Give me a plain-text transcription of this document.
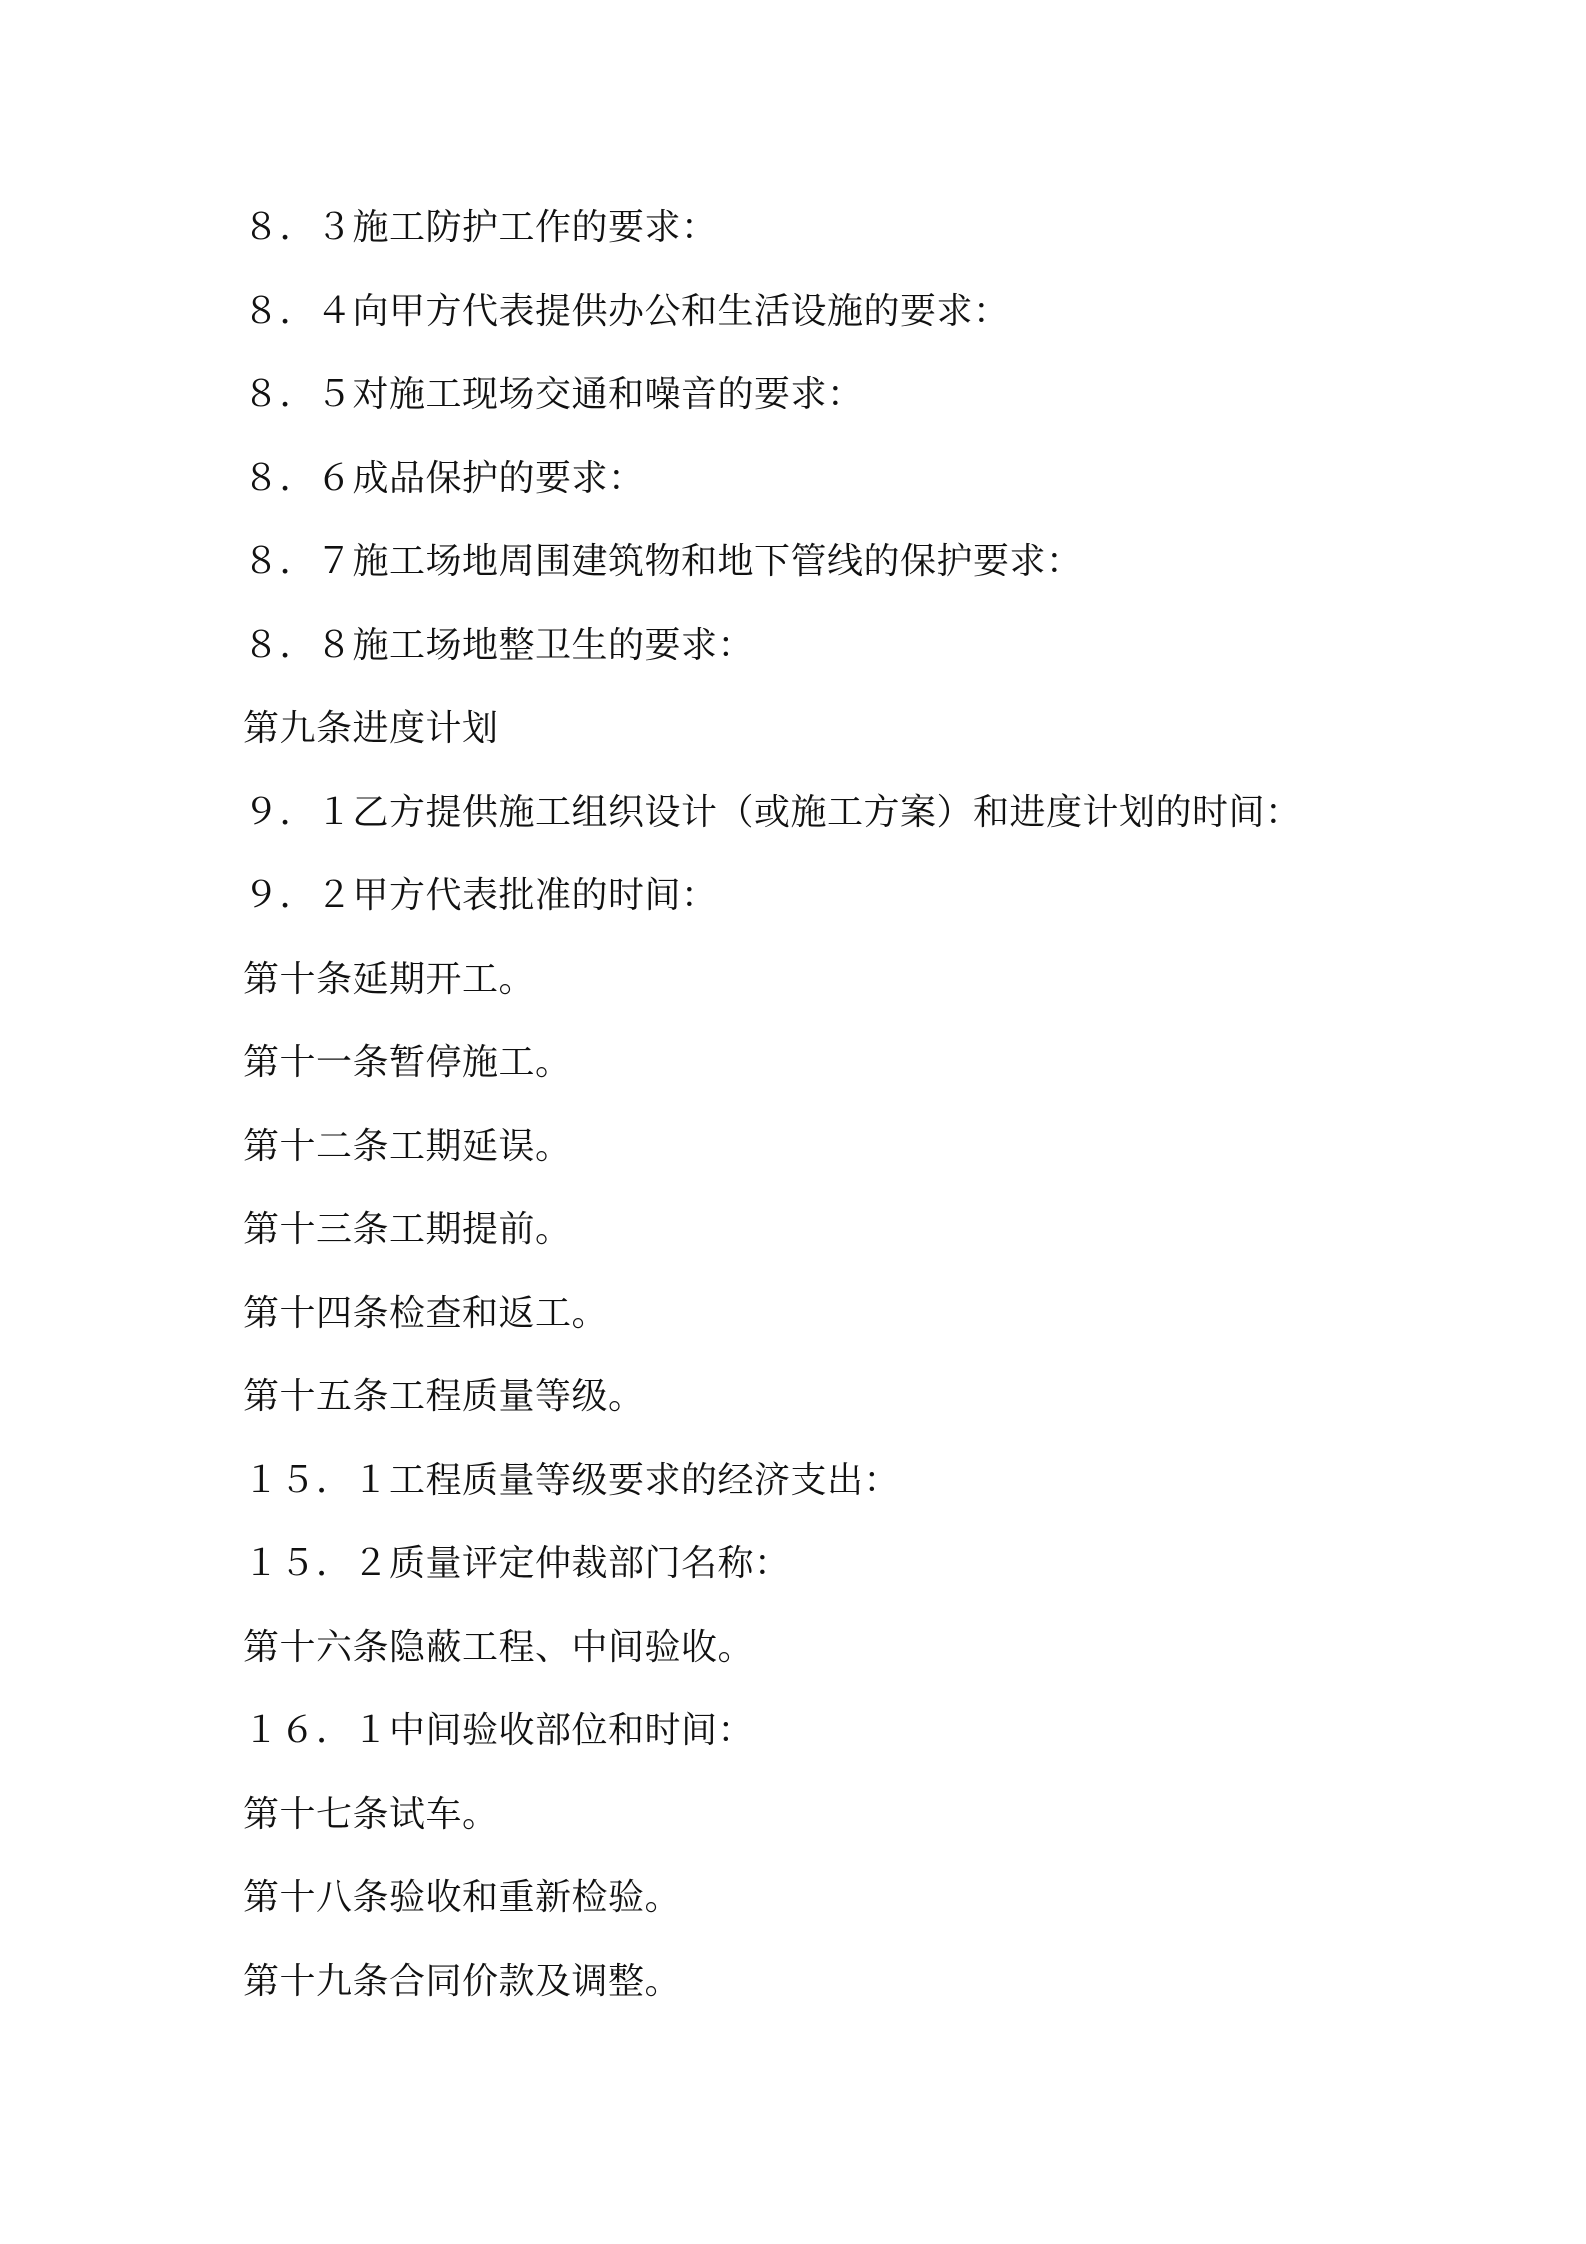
８．３施工防护工作的要求：
８．４向甲方代表提供办公和生活设施的要求：
８．５对施工现场交通和噪音的要求：
８．６成品保护的要求：
８．７施工场地周围建筑物和地下管线的保护要求：
８．８施工场地整卫生的要求：
第九条进度计划
９．１乙方提供施工组织设计（或施工方案）和进度计划的时间：
９．２甲方代表批准的时间：
第十条延期开工。
第十一条暂停施工。
第十二条工期延误。
第十三条工期提前。
第十四条检查和返工。
第十五条工程质量等级。
１５．１工程质量等级要求的经济支出：
１５．２质量评定仲裁部门名称：
第十六条隐蔽工程、中间验收。
１６．１中间验收部位和时间：
第十七条试车。
第十八条验收和重新检验。
第十九条合同价款及调整。
